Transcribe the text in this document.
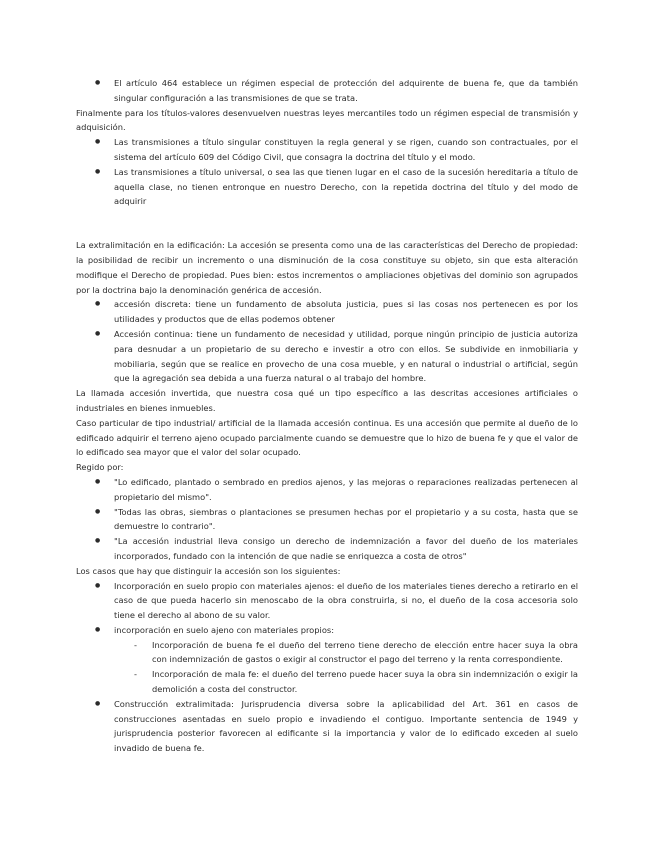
● El artículo 464 establece un régimen especial de protección del adquirente de buena fe, que da también singular configuración a las transmisiones de que se trata.

Finalmente para los títulos-valores desenvuelven nuestras leyes mercantiles todo un régimen especial de transmisión y adquisición.

● Las transmisiones a título singular constituyen la regla general y se rigen, cuando son contractuales, por el sistema del artículo 609 del Código Civil, que consagra la doctrina del título y el modo.
● Las transmisiones a título universal, o sea las que tienen lugar en el caso de la sucesión hereditaria a título de aquella clase, no tienen entronque en nuestro Derecho, con la repetida doctrina del título y del modo de adquirir

La extralimitación en la edificación: La accesión se presenta como una de las características del Derecho de propiedad: la posibilidad de recibir un incremento o una disminución de la cosa constituye su objeto, sin que esta alteración modifique el Derecho de propiedad. Pues bien: estos incrementos o ampliaciones objetivas del dominio son agrupados por la doctrina bajo la denominación genérica de accesión.

● accesión discreta: tiene un fundamento de absoluta justicia, pues si las cosas nos pertenecen es por los utilidades y productos que de ellas podemos obtener
● Accesión continua: tiene un fundamento de necesidad y utilidad, porque ningún principio de justicia autoriza para desnudar a un propietario de su derecho e investir a otro con ellos. Se subdivide en inmobiliaria y mobiliaria, según que se realice en provecho de una cosa mueble, y en natural o industrial o artificial, según que la agregación sea debida a una fuerza natural o al trabajo del hombre.

La llamada accesión invertida, que nuestra cosa qué un tipo específico a las descritas accesiones artificiales o industriales en bienes inmuebles.

Caso particular de tipo industrial/ artificial de la llamada accesión continua. Es una accesión que permite al dueño de lo edificado adquirir el terreno ajeno ocupado parcialmente cuando se demuestre que lo hizo de buena fe y que el valor de lo edificado sea mayor que el valor del solar ocupado.

Regido por:

● "Lo edificado, plantado o sembrado en predios ajenos, y las mejoras o reparaciones realizadas pertenecen al propietario del mismo".
● "Todas las obras, siembras o plantaciones se presumen hechas por el propietario y a su costa, hasta que se demuestre lo contrario".
● "La accesión industrial lleva consigo un derecho de indemnización a favor del dueño de los materiales incorporados, fundado con la intención de que nadie se enriquezca a costa de otros"

Los casos que hay que distinguir la accesión son los siguientes:

● Incorporación en suelo propio con materiales ajenos: el dueño de los materiales tienes derecho a retirarlo en el caso de que pueda hacerlo sin menoscabo de la obra construirla, si no, el dueño de la cosa accesoria solo tiene el derecho al abono de su valor.
● incorporación en suelo ajeno con materiales propios:
- Incorporación de buena fe el dueño del terreno tiene derecho de elección entre hacer suya la obra con indemnización de gastos o exigir al constructor el pago del terreno y la renta correspondiente.
- Incorporación de mala fe: el dueño del terreno puede hacer suya la obra sin indemnización o exigir la demolición a costa del constructor.
● Construcción extralimitada: Jurisprudencia diversa sobre la aplicabilidad del Art. 361 en casos de construcciones asentadas en suelo propio e invadiendo el contiguo. Importante sentencia de 1949 y jurisprudencia posterior favorecen al edificante si la importancia y valor de lo edificado exceden al suelo invadido de buena fe.
